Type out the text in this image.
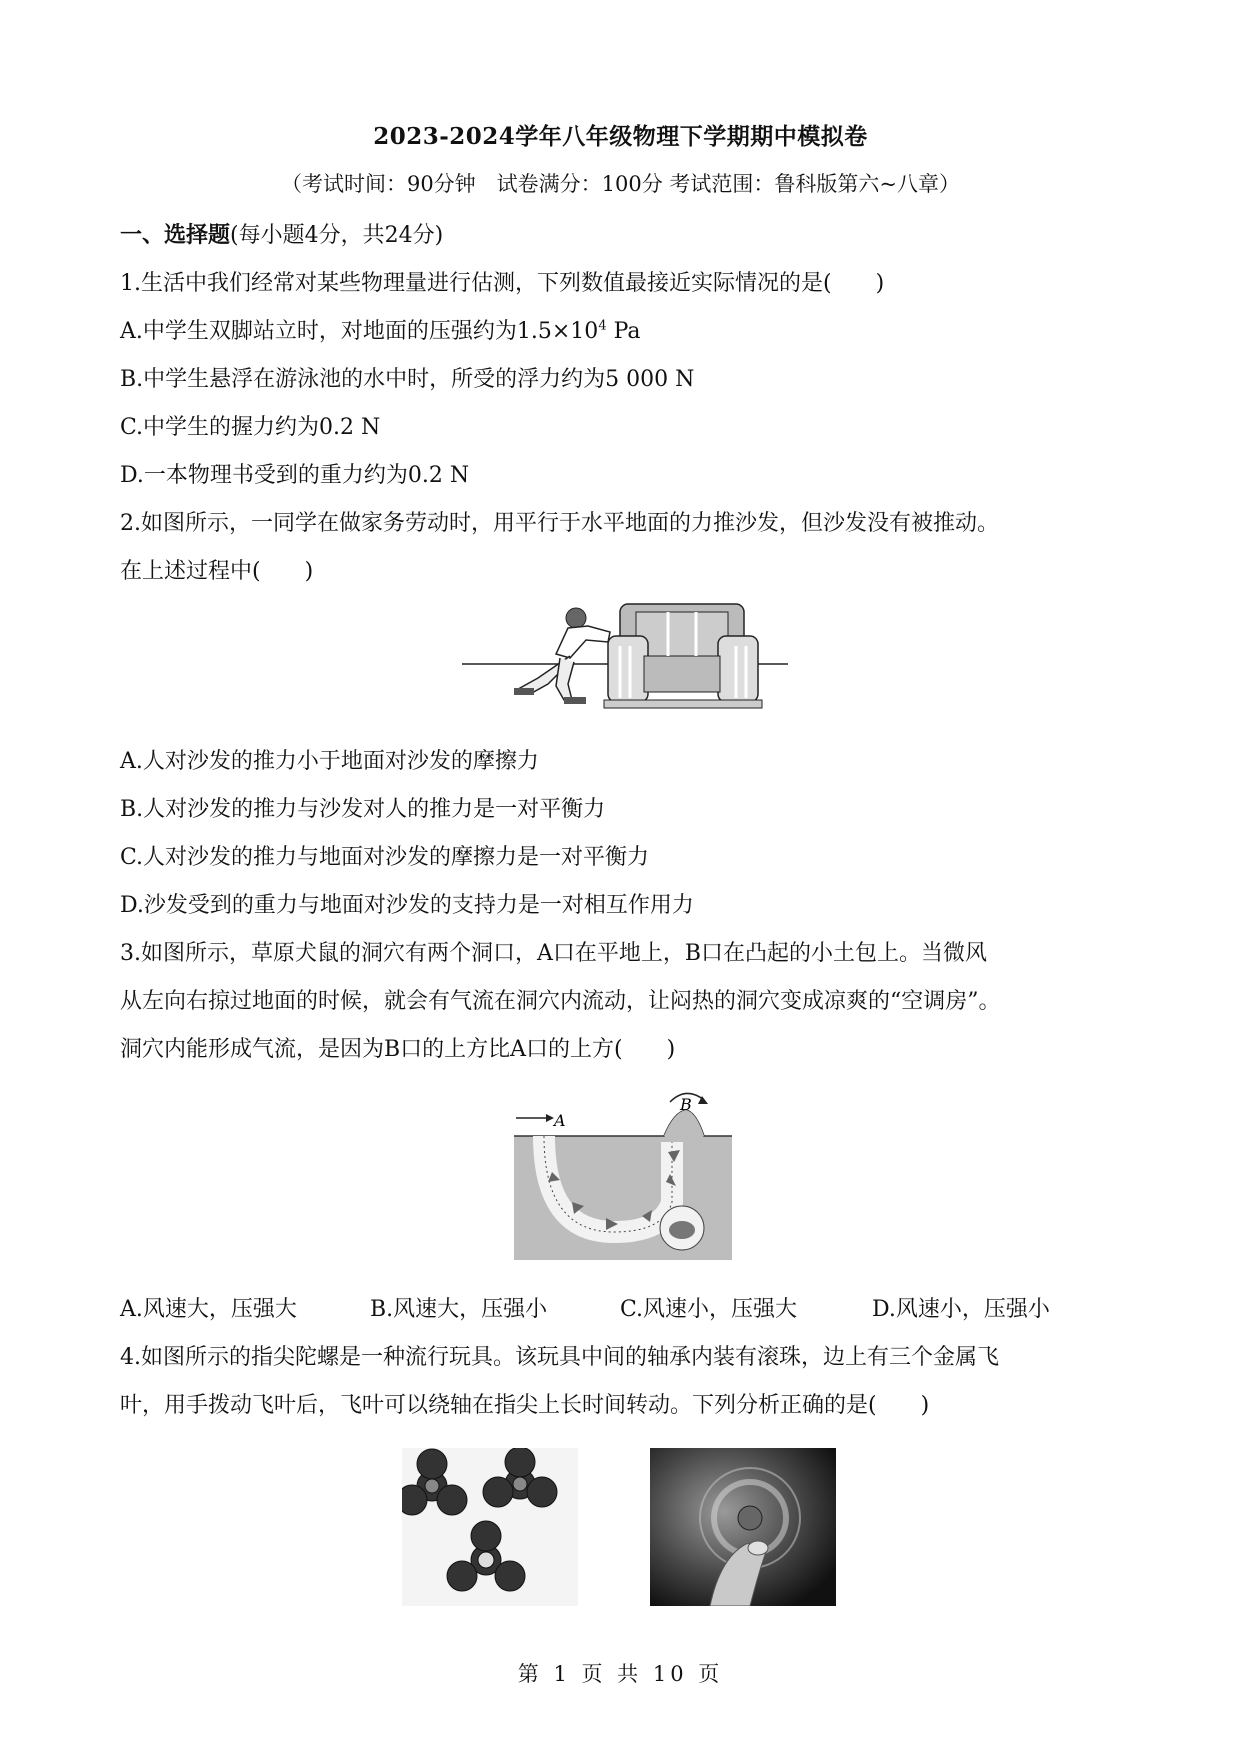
2023-2024学年八年级物理下学期期中模拟卷
（考试时间：90分钟　试卷满分：100分 考试范围：鲁科版第六~八章）
一、选择题(每小题4分，共24分)
1.生活中我们经常对某些物理量进行估测，下列数值最接近实际情况的是(　　)
A.中学生双脚站立时，对地面的压强约为$1.5\times 10^4$ Pa
B.中学生悬浮在游泳池的水中时，所受的浮力约为5 000 N
C.中学生的握力约为0.2 N
D.一本物理书受到的重力约为0.2 N
2.如图所示，一同学在做家务劳动时，用平行于水平地面的力推沙发，但沙发没有被推动。
在上述过程中(　　)
A.人对沙发的推力小于地面对沙发的摩擦力
B.人对沙发的推力与沙发对人的推力是一对平衡力
C.人对沙发的推力与地面对沙发的摩擦力是一对平衡力
D.沙发受到的重力与地面对沙发的支持力是一对相互作用力
3.如图所示，草原犬鼠的洞穴有两个洞口，A口在平地上，B口在凸起的小土包上。当微风
从左向右掠过地面的时候，就会有气流在洞穴内流动，让闷热的洞穴变成凉爽的“空调房”。
洞穴内能形成气流，是因为B口的上方比A口的上方(　　)
A
B
A.风速大，压强大	B.风速大，压强小	C.风速小，压强大	D.风速小，压强小
4.如图所示的指尖陀螺是一种流行玩具。该玩具中间的轴承内装有滚珠，边上有三个金属飞
叶，用手拨动飞叶后，飞叶可以绕轴在指尖上长时间转动。下列分析正确的是(　　)
第 1 页 共 10 页
